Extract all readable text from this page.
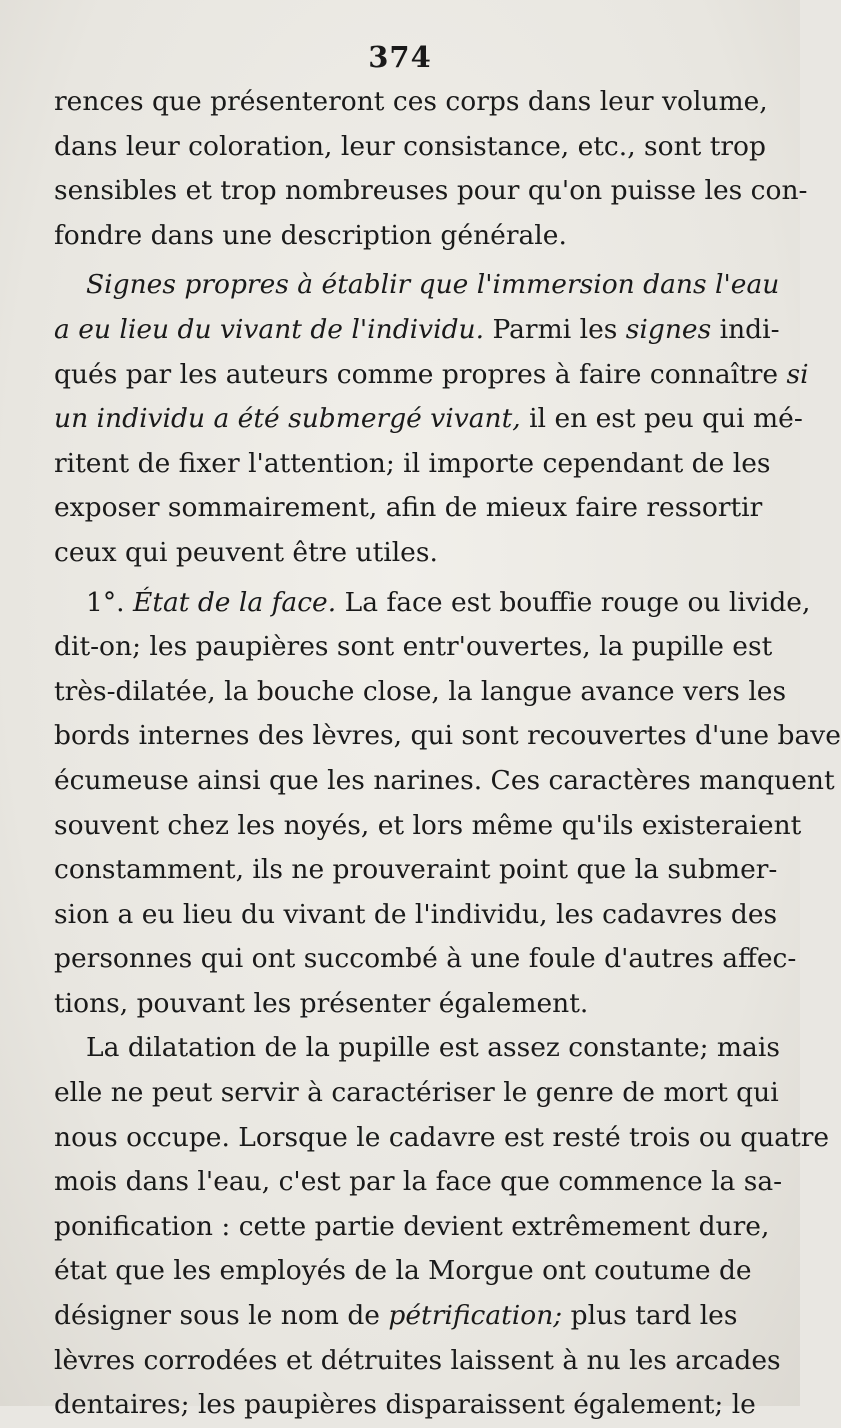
374
rences que présenteront ces corps dans leur volume,
dans leur coloration, leur consistance, etc., sont trop
sensibles et trop nombreuses pour qu'on puisse les con-
fondre dans une description générale.
Signes propres à établir que l'immersion dans l'eau
a eu lieu du vivant de l'individu. Parmi les signes indi-
qués par les auteurs comme propres à faire connaître si
un individu a été submergé vivant, il en est peu qui mé-
ritent de fixer l'attention; il importe cependant de les
exposer sommairement, afin de mieux faire ressortir
ceux qui peuvent être utiles.
1°. État de la face. La face est bouffie rouge ou livide,
dit-on; les paupières sont entr'ouvertes, la pupille est
très-dilatée, la bouche close, la langue avance vers les
bords internes des lèvres, qui sont recouvertes d'une bave
écumeuse ainsi que les narines. Ces caractères manquent
souvent chez les noyés, et lors même qu'ils existeraient
constamment, ils ne prouveraint point que la submer-
sion a eu lieu du vivant de l'individu, les cadavres des
personnes qui ont succombé à une foule d'autres affec-
tions, pouvant les présenter également.
La dilatation de la pupille est assez constante; mais
elle ne peut servir à caractériser le genre de mort qui
nous occupe. Lorsque le cadavre est resté trois ou quatre
mois dans l'eau, c'est par la face que commence la sa-
ponification : cette partie devient extrêmement dure,
état que les employés de la Morgue ont coutume de
désigner sous le nom de pétrification; plus tard les
lèvres corrodées et détruites laissent à nu les arcades
dentaires; les paupières disparaissent également; le
